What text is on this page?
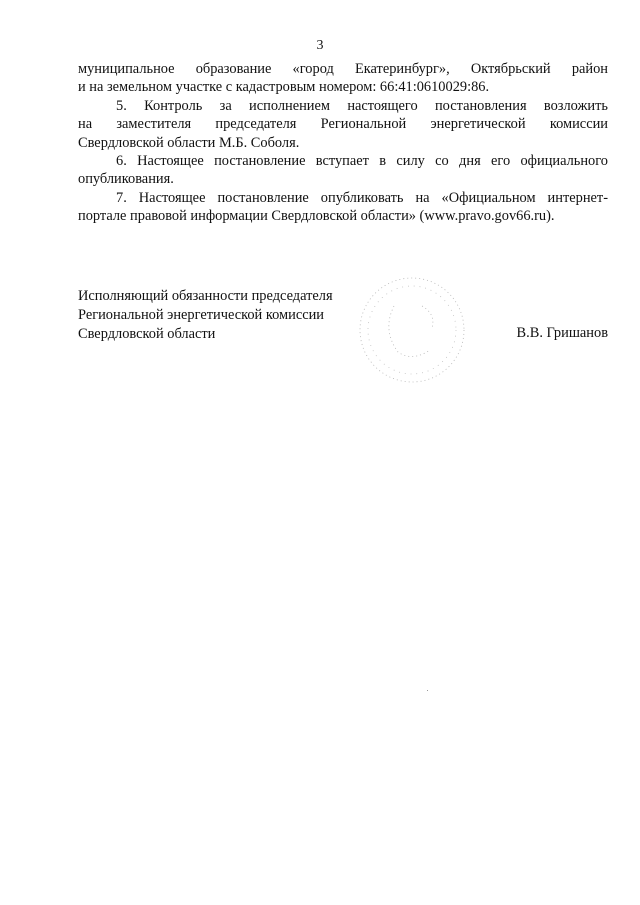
3
муниципальное образование «город Екатеринбург», Октябрьский район
и на земельном участке с кадастровым номером: 66:41:0610029:86.
5. Контроль за исполнением настоящего постановления возложить
на заместителя председателя Региональной энергетической комиссии
Свердловской области М.Б. Соболя.
6. Настоящее постановление вступает в силу со дня его официального
опубликования.
7. Настоящее постановление опубликовать на «Официальном интернет-
портале правовой информации Свердловской области» (www.pravo.gov66.ru).
Исполняющий обязанности председателя
Региональной энергетической комиссии
Свердловской области	В.В. Гришанов
